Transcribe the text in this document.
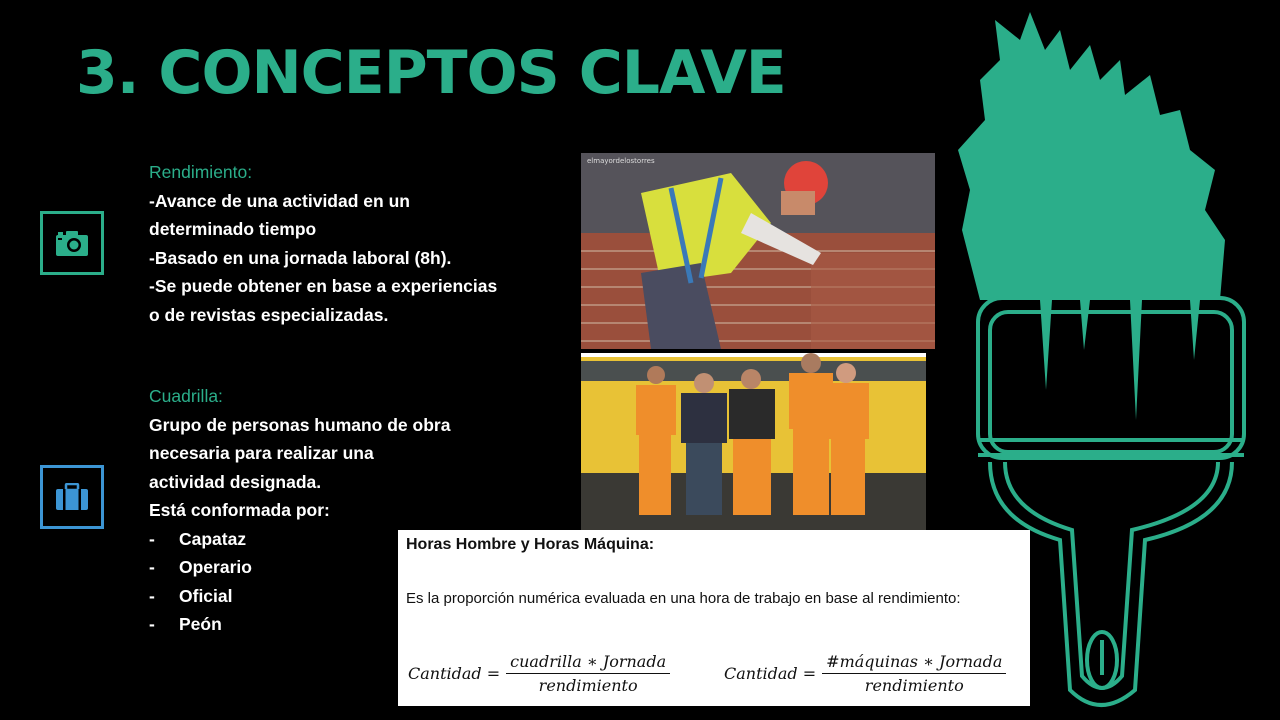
3. CONCEPTOS CLAVE
Rendimiento:
-Avance de una actividad en un
determinado tiempo
-Basado en una jornada laboral (8h).
-Se puede obtener en base a experiencias
o de revistas especializadas.
Cuadrilla:
Grupo de personas humano de obra
necesaria para realizar una
actividad designada.
Está conformada por:
-	Capataz
-	Operario
-	Oficial
-	Peón
elmayordelostorres
Horas Hombre y Horas Máquina:
Es la proporción numérica evaluada en una hora de trabajo en base al rendimiento:
Cantidad = $\frac{\text{cuadrilla ∗ Jornada}}{\text{rendimiento}}$	Cantidad = $\frac{\text{\#máquinas ∗ Jornada}}{\text{rendimiento}}$
